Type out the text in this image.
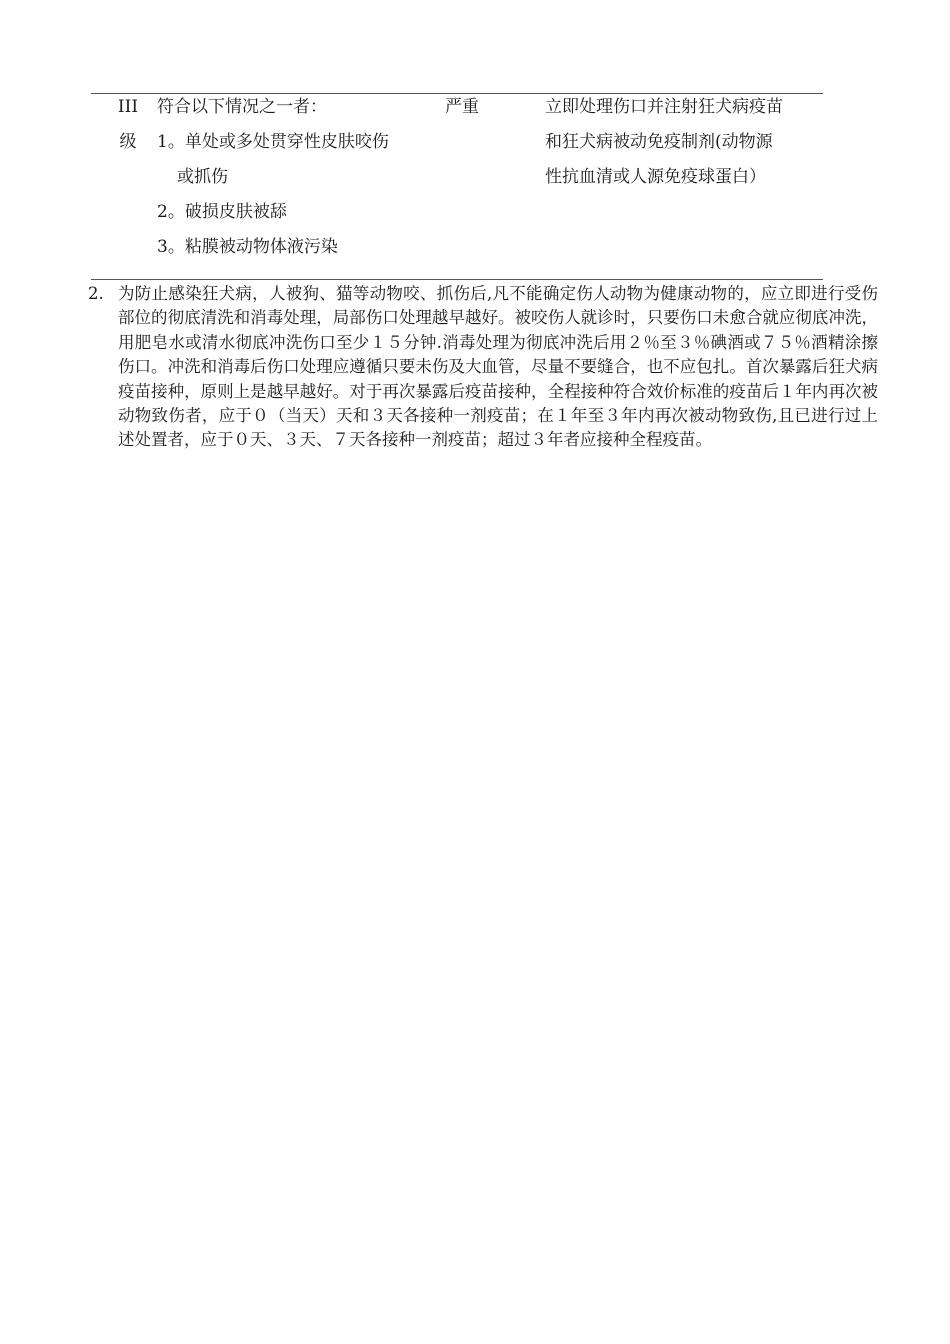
III
级
符合以下情况之一者：
1。单处或多处贯穿性皮肤咬伤
或抓伤
2。破损皮肤被舔
3。粘膜被动物体液污染
严重	立即处理伤口并注射狂犬病疫苗
和狂犬病被动免疫制剂(动物源
性抗血清或人源免疫球蛋白）
2. 为防止感染狂犬病，人被狗、猫等动物咬、抓伤后,凡不能确定伤人动物为健康动物的，应立即进行受伤部位的彻底清洗和消毒处理，局部伤口处理越早越好。被咬伤人就诊时，只要伤口未愈合就应彻底冲洗，用肥皂水或清水彻底冲洗伤口至少１５分钟.消毒处理为彻底冲洗后用２％至３％碘酒或７５％酒精涂擦伤口。冲洗和消毒后伤口处理应遵循只要未伤及大血管，尽量不要缝合，也不应包扎。首次暴露后狂犬病疫苗接种，原则上是越早越好。对于再次暴露后疫苗接种，全程接种符合效价标准的疫苗后１年内再次被动物致伤者，应于０（当天）天和３天各接种一剂疫苗；在１年至３年内再次被动物致伤,且已进行过上述处置者，应于０天、３天、７天各接种一剂疫苗；超过３年者应接种全程疫苗。
